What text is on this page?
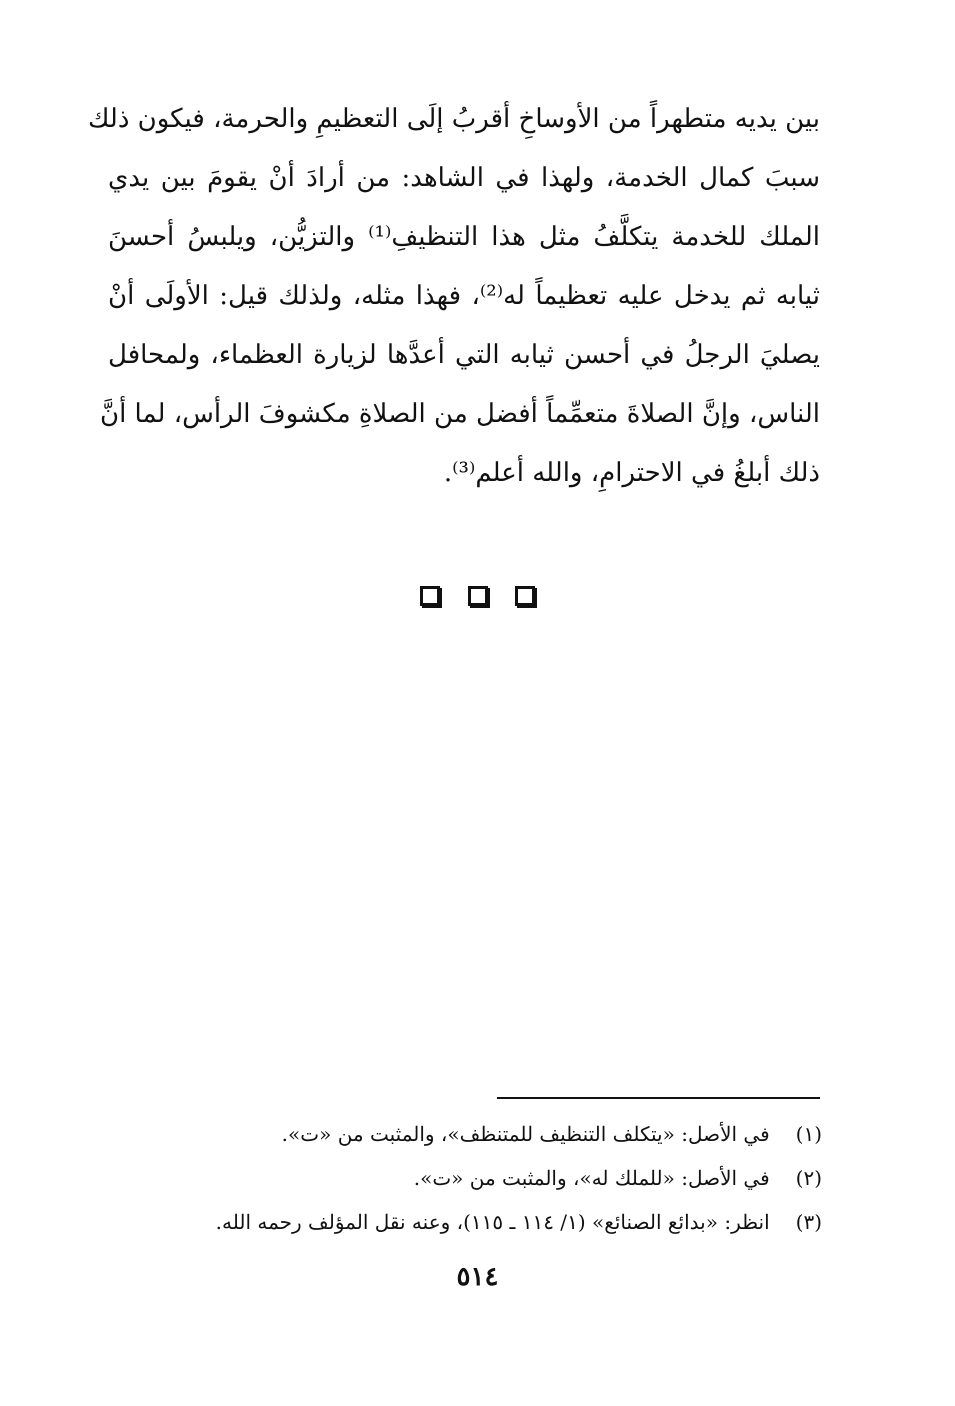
بين يديه متطهراً من الأوساخِ أقربُ إلَى التعظيمِ والحرمة، فيكون ذلك
سببَ كمال الخدمة، ولهذا في الشاهد: من أرادَ أنْ يقومَ بين يدي
الملك للخدمة يتكلَّفُ مثل هذا التنظيفِ⁽¹⁾ والتزيُّن، ويلبسُ أحسنَ
ثيابه ثم يدخل عليه تعظيماً له⁽²⁾، فهذا مثله، ولذلك قيل: الأولَى أنْ
يصليَ الرجلُ في أحسن ثيابه التي أعدَّها لزيارة العظماء، ولمحافل
الناس، وإنَّ الصلاةَ متعمِّماً أفضل من الصلاةِ مكشوفَ الرأس، لما أنَّ
ذلك أبلغُ في الاحترامِ، والله أعلم⁽³⁾.

(١) في الأصل: «يتكلف التنظيف للمتنظف»، والمثبت من «ت».
(٢) في الأصل: «للملك له»، والمثبت من «ت».
(٣) انظر: «بدائع الصنائع» (١/ ١١٤ ـ ١١٥)، وعنه نقل المؤلف رحمه الله.
٥١٤
